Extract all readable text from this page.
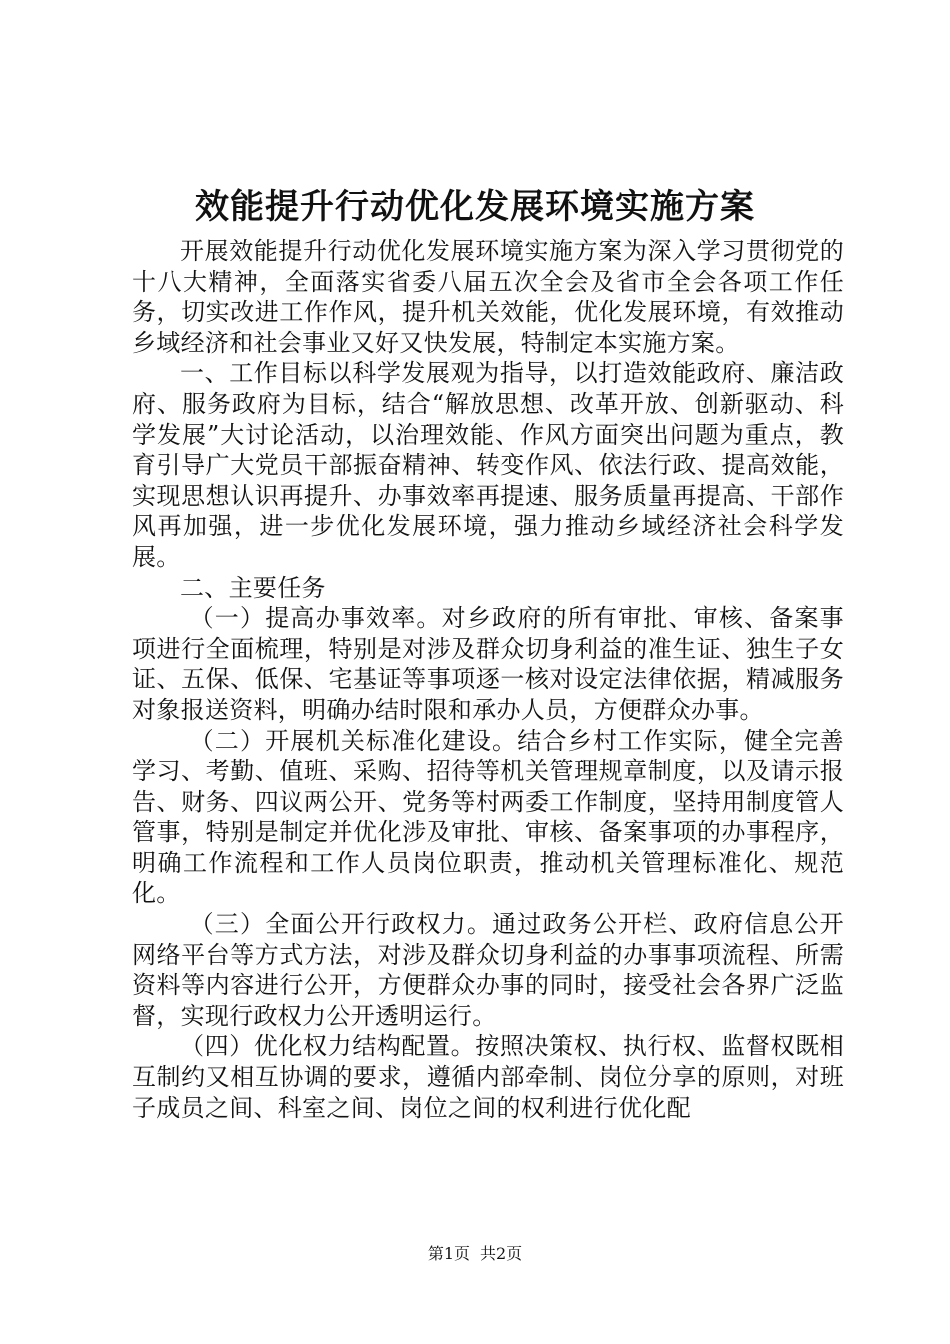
效能提升行动优化发展环境实施方案

开展效能提升行动优化发展环境实施方案为深入学习贯彻党的十八大精神，全面落实省委八届五次全会及省市全会各项工作任务，切实改进工作作风，提升机关效能，优化发展环境，有效推动乡域经济和社会事业又好又快发展，特制定本实施方案。

一、工作目标以科学发展观为指导，以打造效能政府、廉洁政府、服务政府为目标，结合“解放思想、改革开放、创新驱动、科学发展”大讨论活动，以治理效能、作风方面突出问题为重点，教育引导广大党员干部振奋精神、转变作风、依法行政、提高效能，实现思想认识再提升、办事效率再提速、服务质量再提高、干部作风再加强，进一步优化发展环境，强力推动乡域经济社会科学发展。

二、主要任务

（一）提高办事效率。对乡政府的所有审批、审核、备案事项进行全面梳理，特别是对涉及群众切身利益的准生证、独生子女证、五保、低保、宅基证等事项逐一核对设定法律依据，精减服务对象报送资料，明确办结时限和承办人员，方便群众办事。

（二）开展机关标准化建设。结合乡村工作实际，健全完善学习、考勤、值班、采购、招待等机关管理规章制度，以及请示报告、财务、四议两公开、党务等村两委工作制度，坚持用制度管人管事，特别是制定并优化涉及审批、审核、备案事项的办事程序，明确工作流程和工作人员岗位职责，推动机关管理标准化、规范化。

（三）全面公开行政权力。通过政务公开栏、政府信息公开网络平台等方式方法，对涉及群众切身利益的办事事项流程、所需资料等内容进行公开，方便群众办事的同时，接受社会各界广泛监督，实现行政权力公开透明运行。

（四）优化权力结构配置。按照决策权、执行权、监督权既相互制约又相互协调的要求，遵循内部牵制、岗位分享的原则，对班子成员之间、科室之间、岗位之间的权利进行优化配

第1页 共2页
